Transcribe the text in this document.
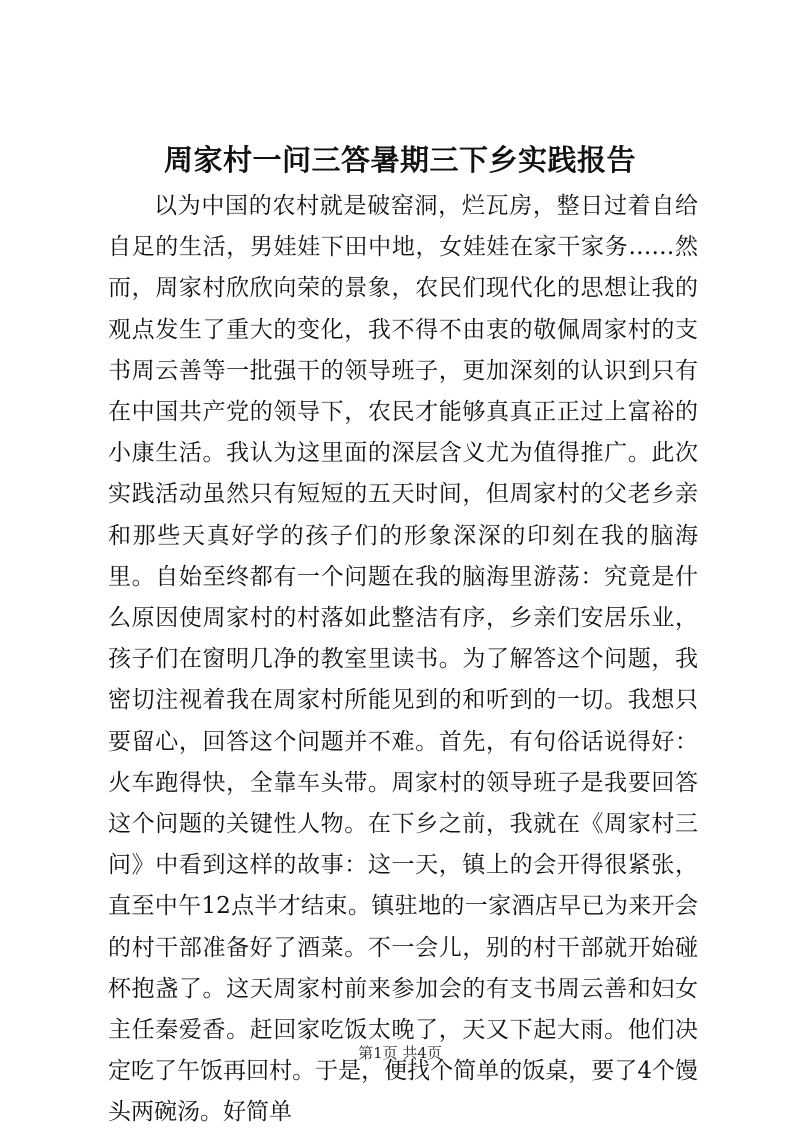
周家村一问三答暑期三下乡实践报告

以为中国的农村就是破窑洞，烂瓦房，整日过着自给自足的生活，男娃娃下田中地，女娃娃在家干家务……然而，周家村欣欣向荣的景象，农民们现代化的思想让我的观点发生了重大的变化，我不得不由衷的敬佩周家村的支书周云善等一批强干的领导班子，更加深刻的认识到只有在中国共产党的领导下，农民才能够真真正正过上富裕的小康生活。我认为这里面的深层含义尤为值得推广。此次实践活动虽然只有短短的五天时间，但周家村的父老乡亲和那些天真好学的孩子们的形象深深的印刻在我的脑海里。自始至终都有一个问题在我的脑海里游荡：究竟是什么原因使周家村的村落如此整洁有序，乡亲们安居乐业，孩子们在窗明几净的教室里读书。为了解答这个问题，我密切注视着我在周家村所能见到的和听到的一切。我想只要留心，回答这个问题并不难。首先，有句俗话说得好：火车跑得快，全靠车头带。周家村的领导班子是我要回答这个问题的关键性人物。在下乡之前，我就在《周家村三问》中看到这样的故事：这一天，镇上的会开得很紧张，直至中午12点半才结束。镇驻地的一家酒店早已为来开会的村干部准备好了酒菜。不一会儿，别的村干部就开始碰杯抱盏了。这天周家村前来参加会的有支书周云善和妇女主任秦爱香。赶回家吃饭太晚了，天又下起大雨。他们决定吃了午饭再回村。于是，便找个简单的饭桌，要了4个馒头两碗汤。好简单

第1页 共4页
